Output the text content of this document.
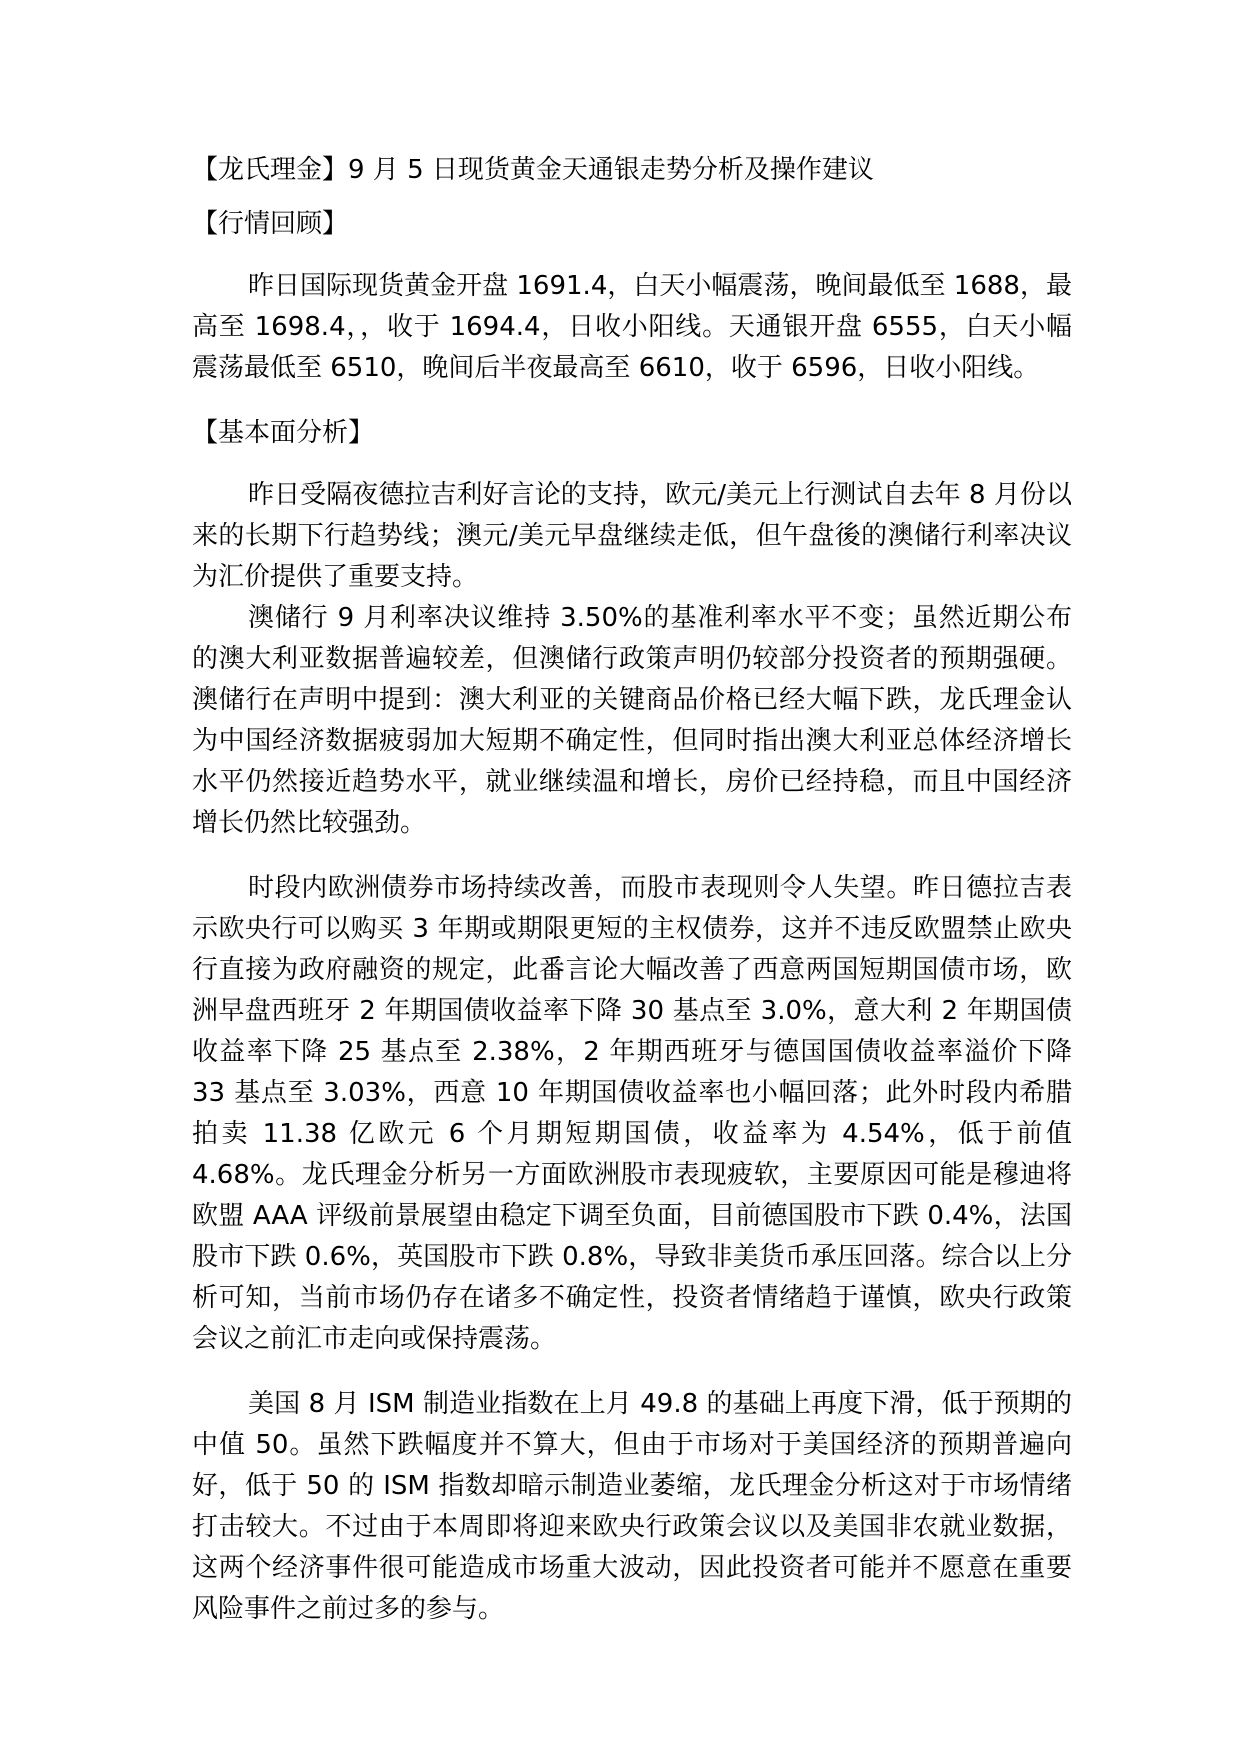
【龙氏理金】9 月 5 日现货黄金天通银走势分析及操作建议

【行情回顾】

昨日国际现货黄金开盘 1691.4，白天小幅震荡，晚间最低至 1688，最高至 1698.4，，收于 1694.4，日收小阳线。天通银开盘 6555，白天小幅震荡最低至 6510，晚间后半夜最高至 6610，收于 6596，日收小阳线。

【基本面分析】

昨日受隔夜德拉吉利好言论的支持，欧元/美元上行测试自去年 8 月份以来的长期下行趋势线；澳元/美元早盘继续走低，但午盘後的澳储行利率决议为汇价提供了重要支持。

澳储行 9 月利率决议维持 3.50%的基准利率水平不变；虽然近期公布的澳大利亚数据普遍较差，但澳储行政策声明仍较部分投资者的预期强硬。澳储行在声明中提到：澳大利亚的关键商品价格已经大幅下跌，龙氏理金认为中国经济数据疲弱加大短期不确定性，但同时指出澳大利亚总体经济增长水平仍然接近趋势水平，就业继续温和增长，房价已经持稳，而且中国经济增长仍然比较强劲。

时段内欧洲债券市场持续改善，而股市表现则令人失望。昨日德拉吉表示欧央行可以购买 3 年期或期限更短的主权债券，这并不违反欧盟禁止欧央行直接为政府融资的规定，此番言论大幅改善了西意两国短期国债市场，欧洲早盘西班牙 2 年期国债收益率下降 30 基点至 3.0%，意大利 2 年期国债收益率下降 25 基点至 2.38%，2 年期西班牙与德国国债收益率溢价下降 33 基点至 3.03%，西意 10 年期国债收益率也小幅回落；此外时段内希腊拍卖 11.38 亿欧元 6 个月期短期国债，收益率为 4.54%，低于前值 4.68%。龙氏理金分析另一方面欧洲股市表现疲软，主要原因可能是穆迪将欧盟 AAA 评级前景展望由稳定下调至负面，目前德国股市下跌 0.4%，法国股市下跌 0.6%，英国股市下跌 0.8%，导致非美货币承压回落。综合以上分析可知，当前市场仍存在诸多不确定性，投资者情绪趋于谨慎，欧央行政策会议之前汇市走向或保持震荡。

美国 8 月 ISM 制造业指数在上月 49.8 的基础上再度下滑，低于预期的中值 50。虽然下跌幅度并不算大，但由于市场对于美国经济的预期普遍向好，低于 50 的 ISM 指数却暗示制造业萎缩，龙氏理金分析这对于市场情绪打击较大。不过由于本周即将迎来欧央行政策会议以及美国非农就业数据，这两个经济事件很可能造成市场重大波动，因此投资者可能并不愿意在重要风险事件之前过多的参与。
